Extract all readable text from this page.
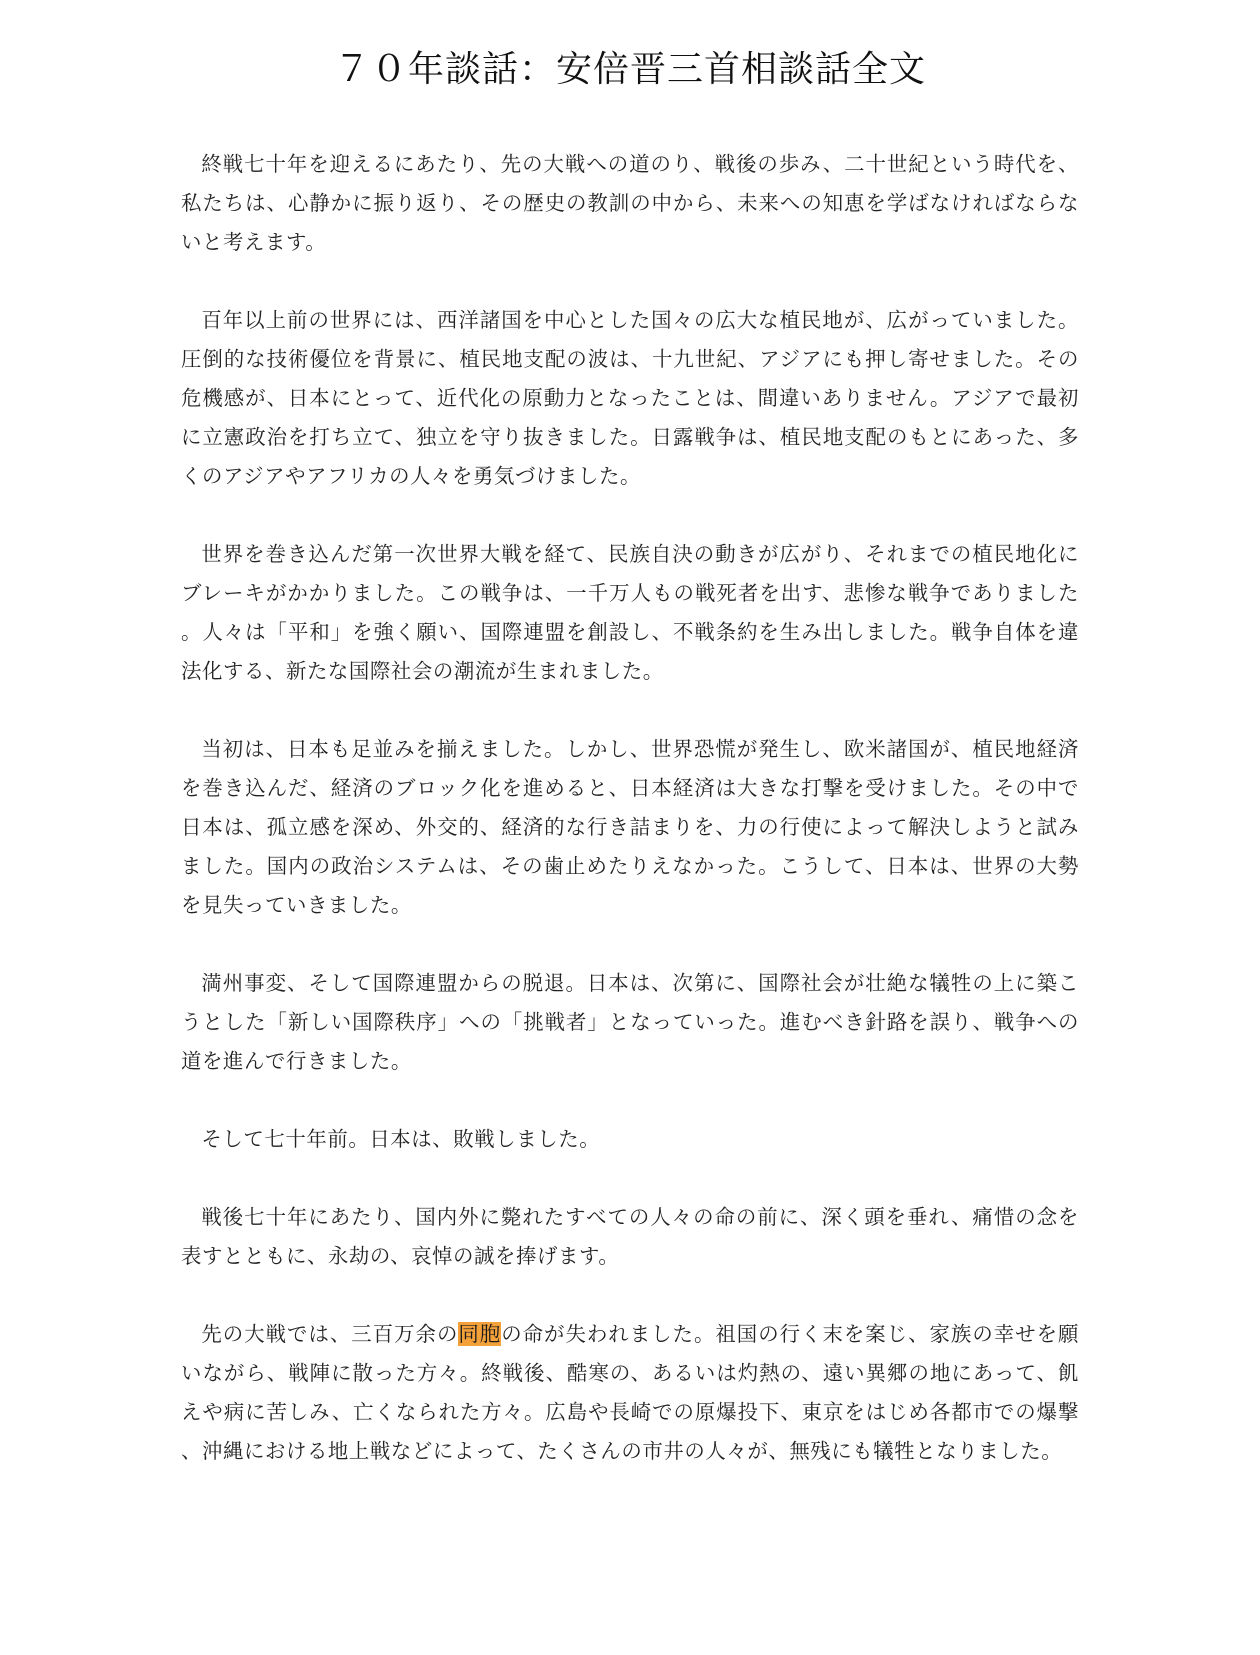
７０年談話：安倍晋三首相談話全文

終戦七十年を迎えるにあたり、先の大戦への道のり、戦後の歩み、二十世紀という時代を、私たちは、心静かに振り返り、その歴史の教訓の中から、未来への知恵を学ばなければならないと考えます。

百年以上前の世界には、西洋諸国を中心とした国々の広大な植民地が、広がっていました。圧倒的な技術優位を背景に、植民地支配の波は、十九世紀、アジアにも押し寄せました。その危機感が、日本にとって、近代化の原動力となったことは、間違いありません。アジアで最初に立憲政治を打ち立て、独立を守り抜きました。日露戦争は、植民地支配のもとにあった、多くのアジアやアフリカの人々を勇気づけました。

世界を巻き込んだ第一次世界大戦を経て、民族自決の動きが広がり、それまでの植民地化にブレーキがかかりました。この戦争は、一千万人もの戦死者を出す、悲惨な戦争でありました。人々は「平和」を強く願い、国際連盟を創設し、不戦条約を生み出しました。戦争自体を違法化する、新たな国際社会の潮流が生まれました。

当初は、日本も足並みを揃えました。しかし、世界恐慌が発生し、欧米諸国が、植民地経済を巻き込んだ、経済のブロック化を進めると、日本経済は大きな打撃を受けました。その中で日本は、孤立感を深め、外交的、経済的な行き詰まりを、力の行使によって解決しようと試みました。国内の政治システムは、その歯止めたりえなかった。こうして、日本は、世界の大勢を見失っていきました。

満州事変、そして国際連盟からの脱退。日本は、次第に、国際社会が壮絶な犠牲の上に築こうとした「新しい国際秩序」への「挑戦者」となっていった。進むべき針路を誤り、戦争への道を進んで行きました。

そして七十年前。日本は、敗戦しました。

戦後七十年にあたり、国内外に斃れたすべての人々の命の前に、深く頭を垂れ、痛惜の念を表すとともに、永劫の、哀悼の誠を捧げます。

先の大戦では、三百万余の同胞の命が失われました。祖国の行く末を案じ、家族の幸せを願いながら、戦陣に散った方々。終戦後、酷寒の、あるいは灼熱の、遠い異郷の地にあって、飢えや病に苦しみ、亡くなられた方々。広島や長崎での原爆投下、東京をはじめ各都市での爆撃、沖縄における地上戦などによって、たくさんの市井の人々が、無残にも犠牲となりました。
